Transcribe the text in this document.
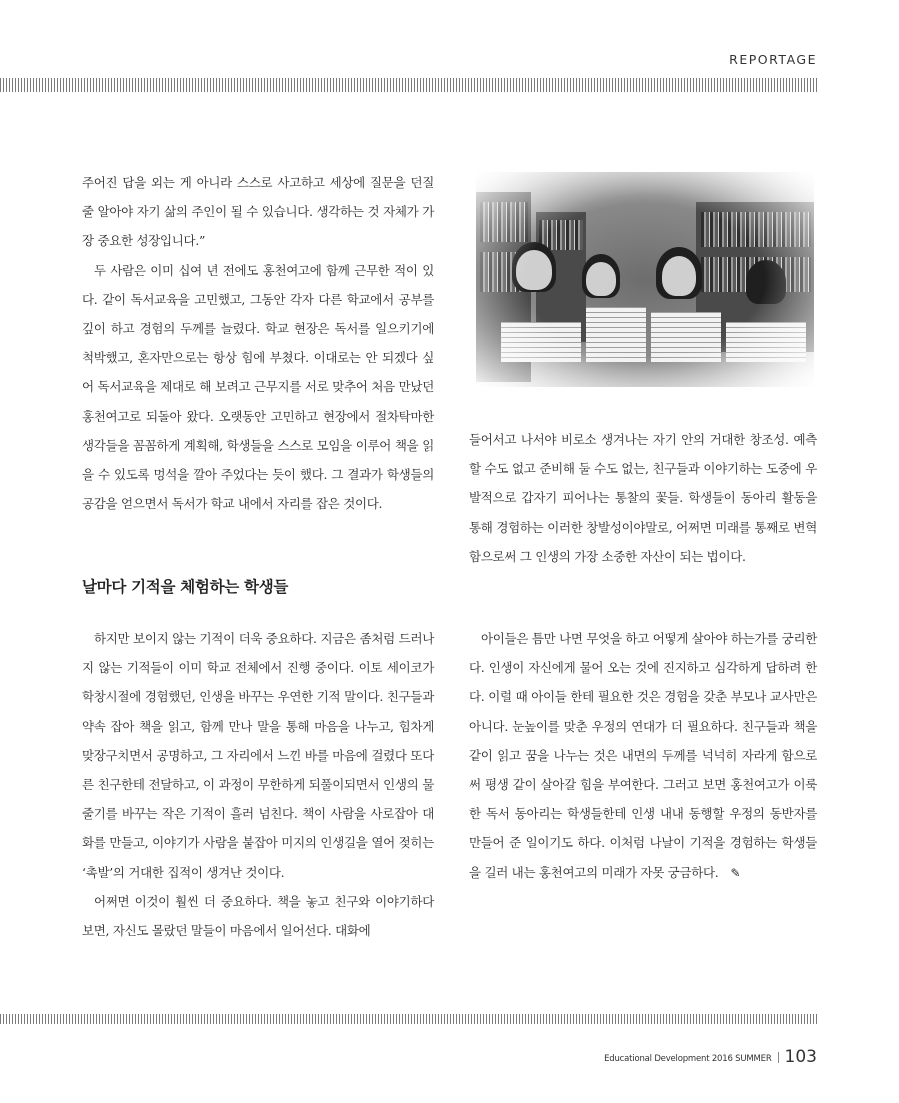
REPORTAGE

주어진 답을 외는 게 아니라 스스로 사고하고 세상에 질문을 던질 줄 알아야 자기 삶의 주인이 될 수 있습니다. 생각하는 것 자체가 가장 중요한 성장입니다.”

두 사람은 이미 십여 년 전에도 홍천여고에 함께 근무한 적이 있다. 같이 독서교육을 고민했고, 그동안 각자 다른 학교에서 공부를 깊이 하고 경험의 두께를 늘렸다. 학교 현장은 독서를 일으키기에 척박했고, 혼자만으로는 항상 힘에 부쳤다. 이대로는 안 되겠다 싶어 독서교육을 제대로 해 보려고 근무지를 서로 맞추어 처음 만났던 홍천여고로 되돌아 왔다. 오랫동안 고민하고 현장에서 절차탁마한 생각들을 꼼꼼하게 계획해, 학생들을 스스로 모임을 이루어 책을 읽을 수 있도록 멍석을 깔아 주었다는 듯이 했다. 그 결과가 학생들의 공감을 얻으면서 독서가 학교 내에서 자리를 잡은 것이다.

날마다 기적을 체험하는 학생들

하지만 보이지 않는 기적이 더욱 중요하다. 지금은 좀처럼 드러나지 않는 기적들이 이미 학교 전체에서 진행 중이다. 이토 세이코가 학창시절에 경험했던, 인생을 바꾸는 우연한 기적 말이다. 친구들과 약속 잡아 책을 읽고, 함께 만나 말을 통해 마음을 나누고, 힘차게 맞장구치면서 공명하고, 그 자리에서 느낀 바를 마음에 걸렸다 또다른 친구한테 전달하고, 이 과정이 무한하게 되풀이되면서 인생의 물줄기를 바꾸는 작은 기적이 흘러 넘친다. 책이 사람을 사로잡아 대화를 만들고, 이야기가 사람을 붙잡아 미지의 인생길을 열어 젖히는 ‘촉발’의 거대한 집적이 생겨난 것이다.

어쩌면 이것이 훨씬 더 중요하다. 책을 놓고 친구와 이야기하다 보면, 자신도 몰랐던 말들이 마음에서 일어선다. 대화에

들어서고 나서야 비로소 생겨나는 자기 안의 거대한 창조성. 예측할 수도 없고 준비해 둘 수도 없는, 친구들과 이야기하는 도중에 우발적으로 갑자기 피어나는 통찰의 꽃들. 학생들이 동아리 활동을 통해 경험하는 이러한 창발성이야말로, 어쩌면 미래를 통째로 변혁함으로써 그 인생의 가장 소중한 자산이 되는 법이다.

아이들은 틈만 나면 무엇을 하고 어떻게 살아야 하는가를 궁리한다. 인생이 자신에게 물어 오는 것에 진지하고 심각하게 답하려 한다. 이럴 때 아이들 한테 필요한 것은 경험을 갖춘 부모나 교사만은 아니다. 눈높이를 맞춘 우정의 연대가 더 필요하다. 친구들과 책을 같이 읽고 꿈을 나누는 것은 내면의 두께를 넉넉히 자라게 함으로써 평생 같이 살아갈 힘을 부여한다. 그러고 보면 홍천여고가 이룩한 독서 동아리는 학생들한테 인생 내내 동행할 우정의 동반자를 만들어 준 일이기도 하다. 이처럼 나날이 기적을 경험하는 학생들을 길러 내는 홍천여고의 미래가 자못 궁금하다.✎

Educational Development 2016 SUMMER 103
